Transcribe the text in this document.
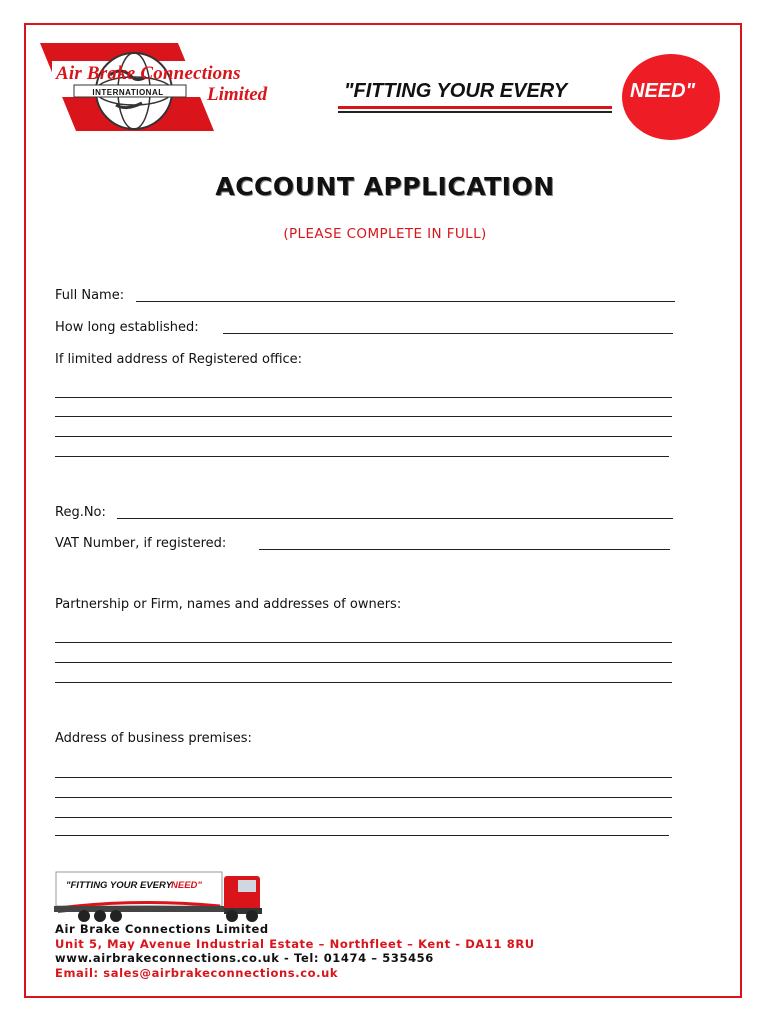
Air Brake Connections
Limited
INTERNATIONAL	"FITTING YOUR EVERY	NEED"
ACCOUNT APPLICATION
(PLEASE COMPLETE IN FULL)
Full Name:
How long established:
If limited address of Registered office:
Reg.No:
VAT Number, if registered:
Partnership or Firm, names and addresses of owners:
Address of business premises:
"FITTING YOUR EVERY
NEED"
Air Brake Connections Limited
Unit 5, May Avenue Industrial Estate – Northfleet – Kent - DA11 8RU
www.airbrakeconnections.co.uk - Tel: 01474 – 535456
Email: sales@airbrakeconnections.co.uk
